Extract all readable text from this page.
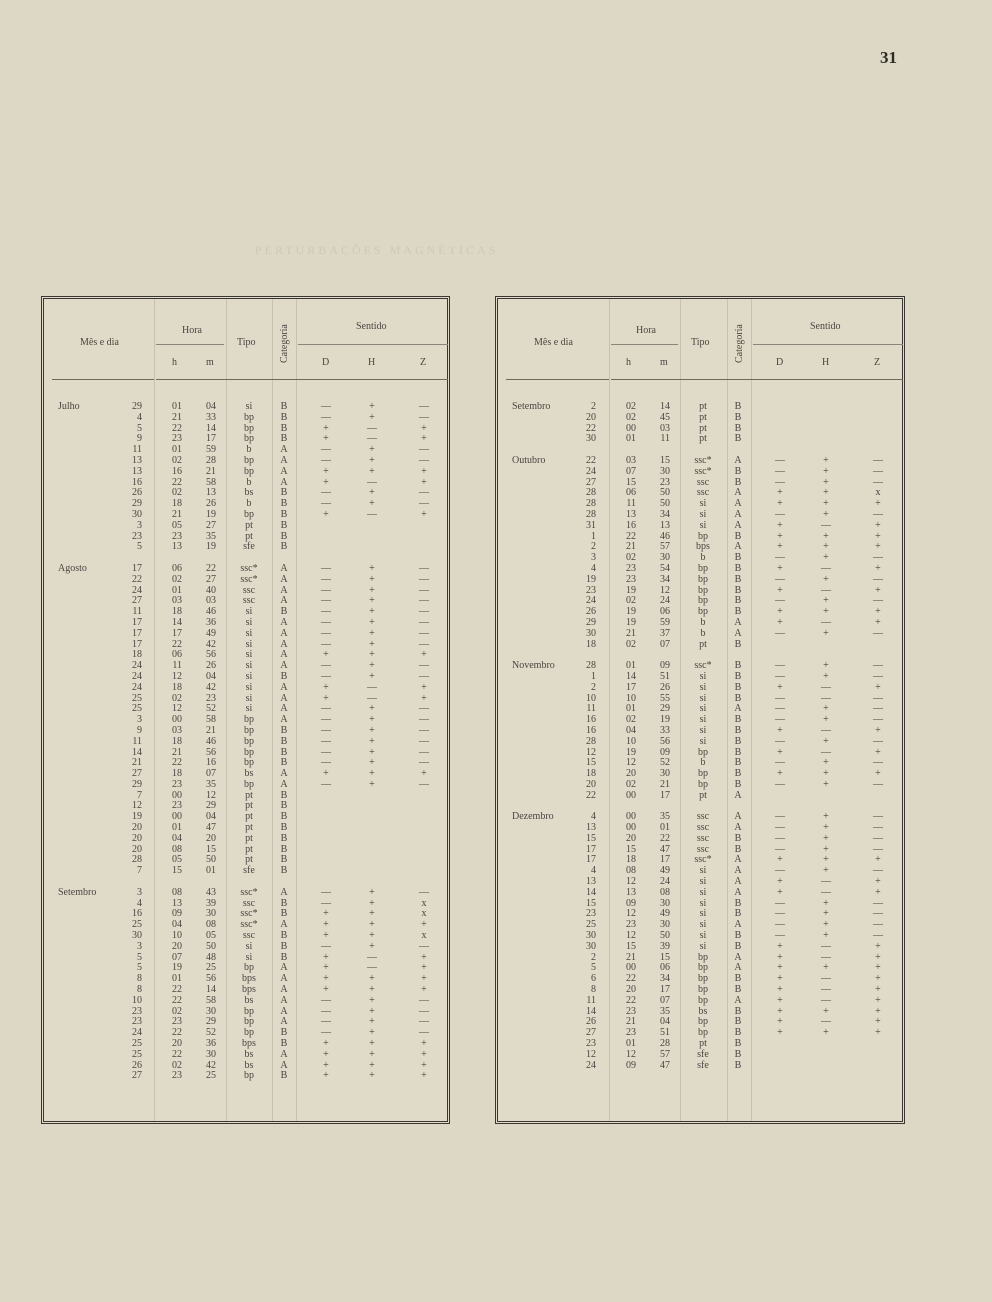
31
PERTURBAÇÕES MAGNÉTICAS
Mês e dia
Hora
h	m
Tipo Categoria	Sentido
D	H	Z
Julho	29	01	04	si	B	—	+	—
4	21	33	bp	B	—	+	—
5	22	14	bp	B	+	—	+
9	23	17	bp	B	+	—	+
11	01	59	b	A	—	+	—
13	02	28	bp	A	—	+	—
13	16	21	bp	A	+	+	+
16	22	58	b	A	+	—	+
26	02	13	bs	B	—	+	—
29	18	26	b	B	—	+	—
30	21	19	bp	B	+	—	+
3	05	27	pt	B
23	23	35	pt	B
5	13	19	sfe	B
Agosto	17	06	22	ssc*	A	—	+	—
22	02	27	ssc*	A	—	+	—
24	01	40	ssc	A	—	+	—
27	03	03	ssc	A	—	+	—
11	18	46	si	B	—	+	—
17	14	36	si	A	—	+	—
17	17	49	si	A	—	+	—
17	22	42	si	A	—	+	—
18	06	56	si	A	+	+	+
24	11	26	si	A	—	+	—
24	12	04	si	B	—	+	—
24	18	42	si	A	+	—	+
25	02	23	si	A	+	—	+
25	12	52	si	A	—	+	—
3	00	58	bp	A	—	+	—
9	03	21	bp	B	—	+	—
11	18	46	bp	B	—	+	—
14	21	56	bp	B	—	+	—
21	22	16	bp	B	—	+	—
27	18	07	bs	A	+	+	+
29	23	35	bp	A	—	+	—
7	00	12	pt	B
12	23	29	pt	B
19	00	04	pt	B
20	01	47	pt	B
20	04	20	pt	B
20	08	15	pt	B
28	05	50	pt	B
7	15	01	sfe	B
Setembro	3	08	43	ssc*	A	—	+	—
4	13	39	ssc	B	—	+	x
16	09	30	ssc*	B	+	+	x
25	04	08	ssc*	A	+	+	+
30	10	05	ssc	B	+	+	x
3	20	50	si	B	—	+	—
5	07	48	si	B	+	—	+
5	19	25	bp	A	+	—	+
8	01	56	bps	A	+	+	+
8	22	14	bps	A	+	+	+
10	22	58	bs	A	—	+	—
23	02	30	bp	A	—	+	—
23	23	29	bp	A	—	+	—
24	22	52	bp	B	—	+	—
25	20	36	bps	B	+	+	+
25	22	30	bs	A	+	+	+
26	02	42	bs	A	+	+	+
27	23	25	bp	B	+	+	+
Mês e dia
Hora
h	m
Tipo Categoria	Sentido
D	H	Z
Setembro	2	02	14	pt	B
20	02	45	pt	B
22	00	03	pt	B
30	01	11	pt	B
Outubro	22	03	15	ssc*	A	—	+	—
24	07	30	ssc*	B	—	+	—
27	15	23	ssc	B	—	+	—
28	06	50	ssc	A	+	+	x
28	11	50	si	A	+	+	+
28	13	34	si	A	—	+	—
31	16	13	si	A	+	—	+
1	22	46	bp	B	+	+	+
2	21	57	bps	A	+	+	+
3	02	30	b	B	—	+	—
4	23	54	bp	B	+	—	+
19	23	34	bp	B	—	+	—
23	19	12	bp	B	+	—	+
24	02	24	bp	B	—	+	—
26	19	06	bp	B	+	+	+
29	19	59	b	A	+	—	+
30	21	37	b	A	—	+	—
18	02	07	pt	B
Novembro	28	01	09	ssc*	B	—	+	—
1	14	51	si	B	—	+	—
2	17	26	si	B	+	—	+
10	10	55	si	B	—	—	—
11	01	29	si	A	—	+	—
16	02	19	si	B	—	+	—
16	04	33	si	B	+	—	+
28	10	56	si	B	—	+	—
12	19	09	bp	B	+	—	+
15	12	52	b	B	—	+	—
18	20	30	bp	B	+	+	+
20	02	21	bp	B	—	+	—
22	00	17	pt	A
Dezembro	4	00	35	ssc	A	—	+	—
13	00	01	ssc	A	—	+	—
15	20	22	ssc	B	—	+	—
17	15	47	ssc	B	—	+	—
17	18	17	ssc*	A	+	+	+
4	08	49	si	A	—	+	—
13	12	24	si	A	+	—	+
14	13	08	si	A	+	—	+
15	09	30	si	B	—	+	—
23	12	49	si	B	—	+	—
25	23	30	si	A	—	+	—
30	12	50	si	B	—	+	—
30	15	39	si	B	+	—	+
2	21	15	bp	A	+	—	+
5	00	06	bp	A	+	+	+
6	22	34	bp	B	+	—	+
8	20	17	bp	B	+	—	+
11	22	07	bp	A	+	—	+
14	23	35	bs	B	+	+	+
26	21	04	bp	B	+	—	+
27	23	51	bp	B	+	+	+
23	01	28	pt	B
12	12	57	sfe	B
24	09	47	sfe	B
